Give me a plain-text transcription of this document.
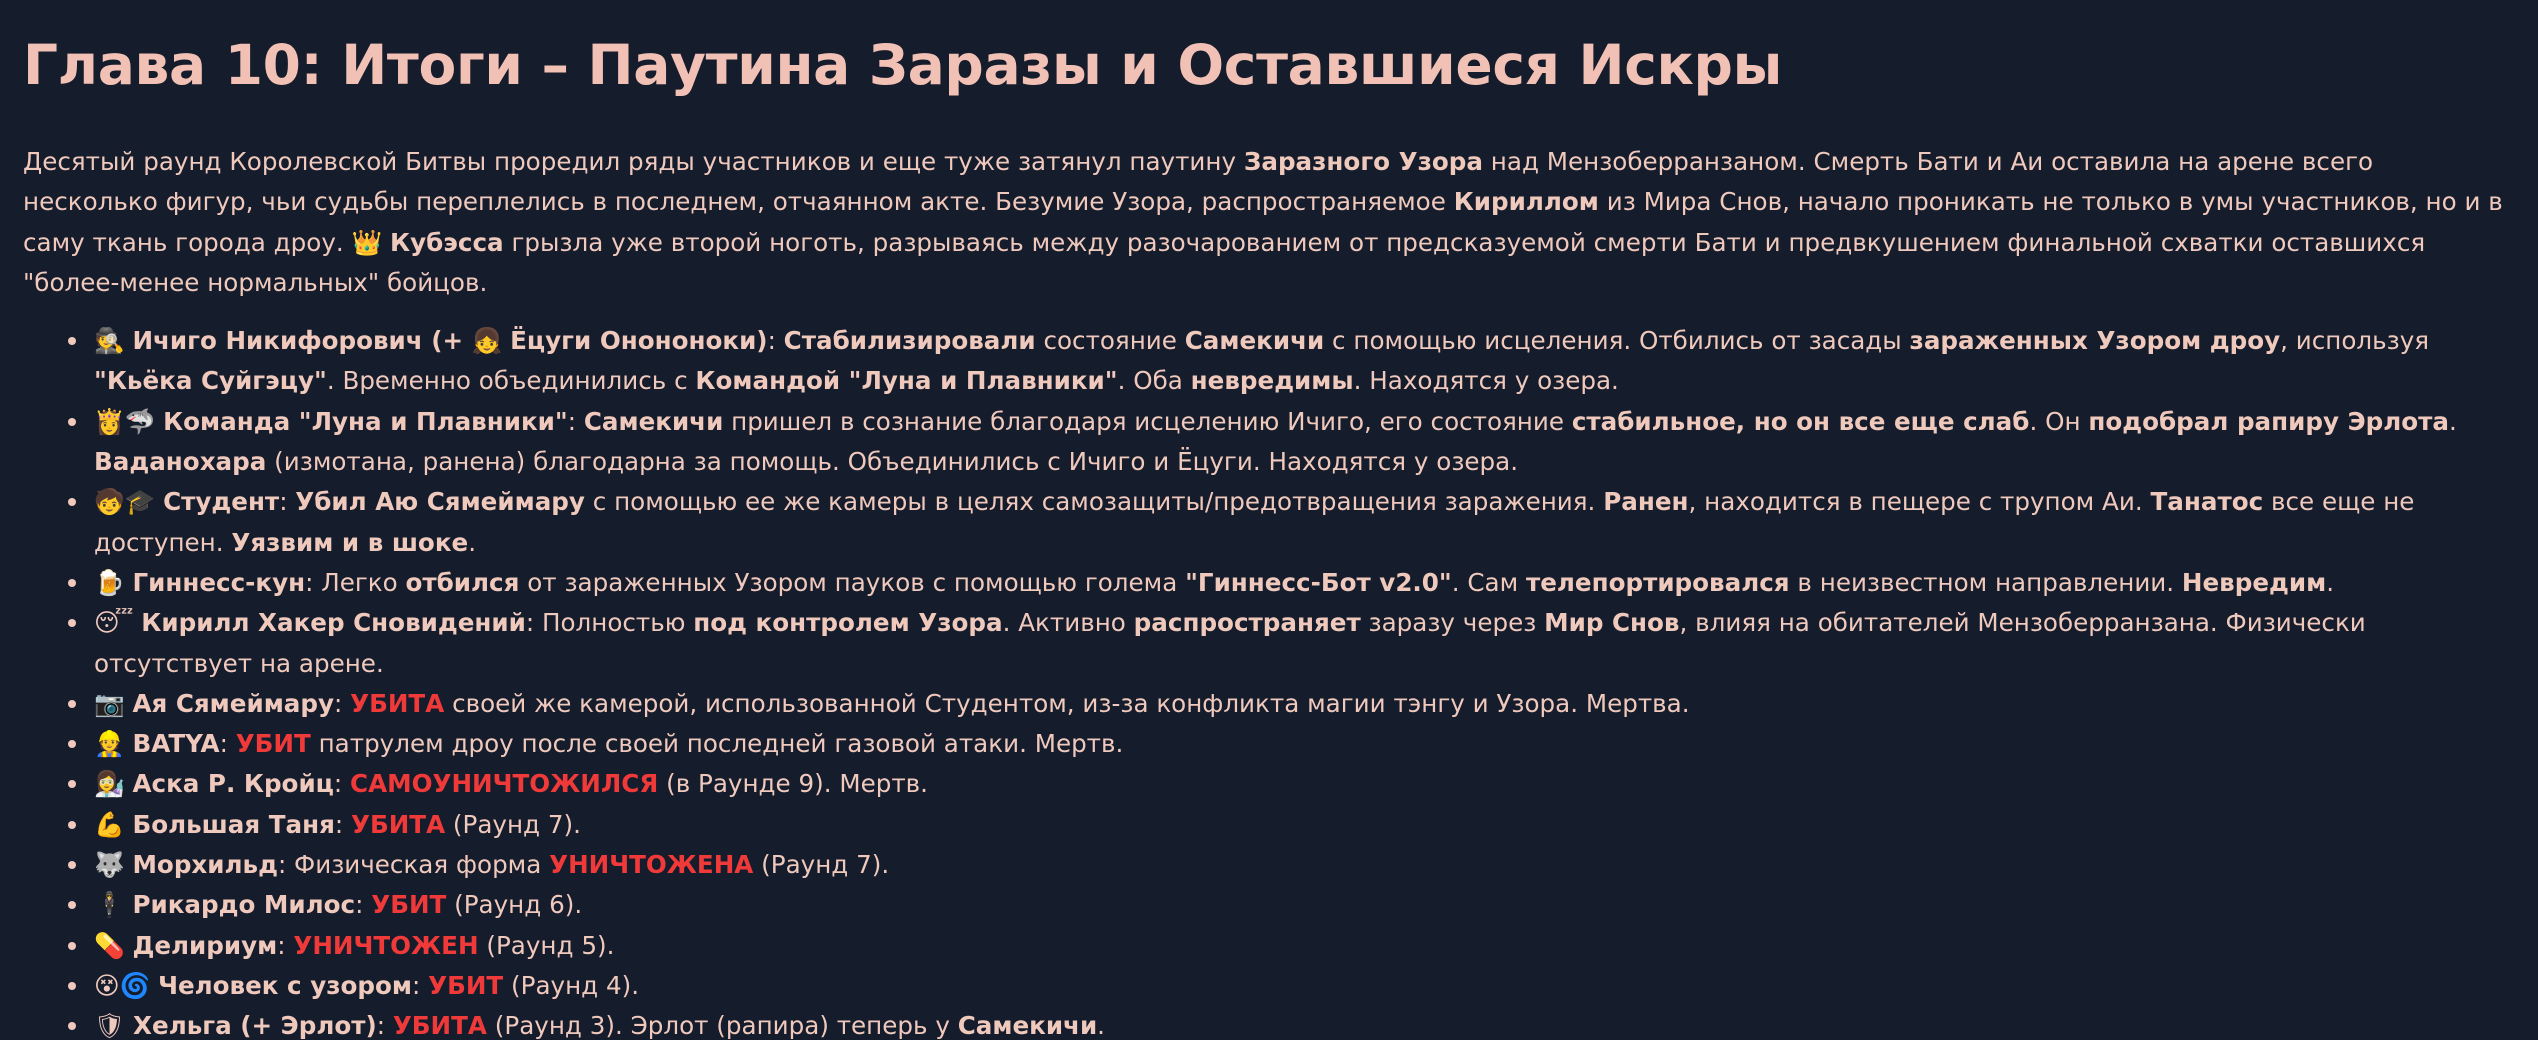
Глава 10: Итоги – Паутина Заразы и Оставшиеся Искры

Десятый раунд Королевской Битвы проредил ряды участников и еще туже затянул паутину Заразного Узора над Мензоберранзаном. Смерть Бати и Аи оставила на арене всего несколько фигур, чьи судьбы переплелись в последнем, отчаянном акте. Безумие Узора, распространяемое Кириллом из Мира Снов, начало проникать не только в умы участников, но и в саму ткань города дроу. 👑 Кубэсса грызла уже второй ноготь, разрываясь между разочарованием от предсказуемой смерти Бати и предвкушением финальной схватки оставшихся "более-менее нормальных" бойцов.

🕵 Ичиго Никифорович (+ 👧 Ёцуги Онононоки): Стабилизировали состояние Самекичи с помощью исцеления. Отбились от засады зараженных Узором дроу, используя "Кьёка Суйгэцу". Временно объединились с Командой "Луна и Плавники". Оба невредимы. Находятся у озера.
👸🦈 Команда "Луна и Плавники": Самекичи пришел в сознание благодаря исцелению Ичиго, его состояние стабильное, но он все еще слаб. Он подобрал рапиру Эрлота. Ваданохара (измотана, ранена) благодарна за помощь. Объединились с Ичиго и Ёцуги. Находятся у озера.
🧒🎓 Студент: Убил Аю Сямеймару с помощью ее же камеры в целях самозащиты/предотвращения заражения. Ранен, находится в пещере с трупом Аи. Танатос все еще не доступен. Уязвим и в шоке.
🍺 Гиннесс-кун: Легко отбился от зараженных Узором пауков с помощью голема "Гиннесс-Бот v2.0". Сам телепортировался в неизвестном направлении. Невредим.
😴 Кирилл Хакер Сновидений: Полностью под контролем Узора. Активно распространяет заразу через Мир Снов, влияя на обитателей Мензоберранзана. Физически отсутствует на арене.
📷 Ая Сямеймару: УБИТА своей же камерой, использованной Студентом, из-за конфликта магии тэнгу и Узора. Мертва.
👷 BATYA: УБИТ патрулем дроу после своей последней газовой атаки. Мертв.
👩‍🔬 Аска Р. Кройц: САМОУНИЧТОЖИЛСЯ (в Раунде 9). Мертв.
💪 Большая Таня: УБИТА (Раунд 7).
🐺 Морхильд: Физическая форма УНИЧТОЖЕНА (Раунд 7).
🕴 Рикардо Милос: УБИТ (Раунд 6).
💊 Делириум: УНИЧТОЖЕН (Раунд 5).
😵🌀 Человек с узором: УБИТ (Раунд 4).
🛡 Хельга (+ Эрлот): УБИТА (Раунд 3). Эрлот (рапира) теперь у Самекичи.
